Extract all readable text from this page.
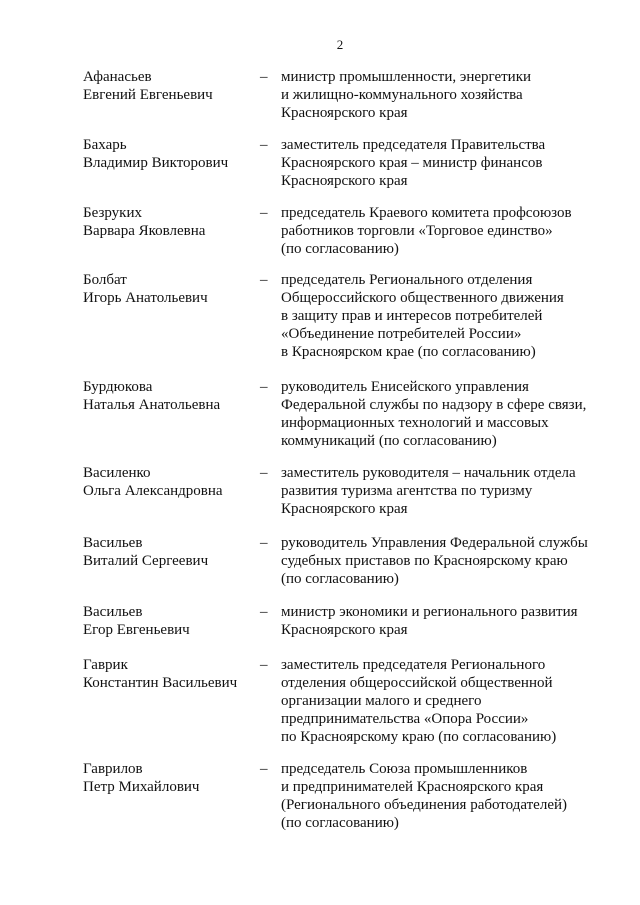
2
Афанасьев
Евгений Евгеньевич
– министр промышленности, энергетики
и жилищно-коммунального хозяйства
Красноярского края
Бахарь
Владимир Викторович
– заместитель председателя Правительства
Красноярского края – министр финансов
Красноярского края
Безруких
Варвара Яковлевна
– председатель Краевого комитета профсоюзов
работников торговли «Торговое единство»
(по согласованию)
Болбат
Игорь Анатольевич
– председатель Регионального отделения
Общероссийского общественного движения
в защиту прав и интересов потребителей
«Объединение потребителей России»
в Красноярском крае (по согласованию)
Бурдюкова
Наталья Анатольевна
– руководитель Енисейского управления
Федеральной службы по надзору в сфере связи,
информационных технологий и массовых
коммуникаций (по согласованию)
Василенко
Ольга Александровна
– заместитель руководителя – начальник отдела
развития туризма агентства по туризму
Красноярского края
Васильев
Виталий Сергеевич
– руководитель Управления Федеральной службы
судебных приставов по Красноярскому краю
(по согласованию)
Васильев
Егор Евгеньевич
– министр экономики и регионального развития
Красноярского края
Гаврик
Константин Васильевич
– заместитель председателя Регионального
отделения общероссийской общественной
организации малого и среднего
предпринимательства «Опора России»
по Красноярскому краю (по согласованию)
Гаврилов
Петр Михайлович
– председатель Союза промышленников
и предпринимателей Красноярского края
(Регионального объединения работодателей)
(по согласованию)
